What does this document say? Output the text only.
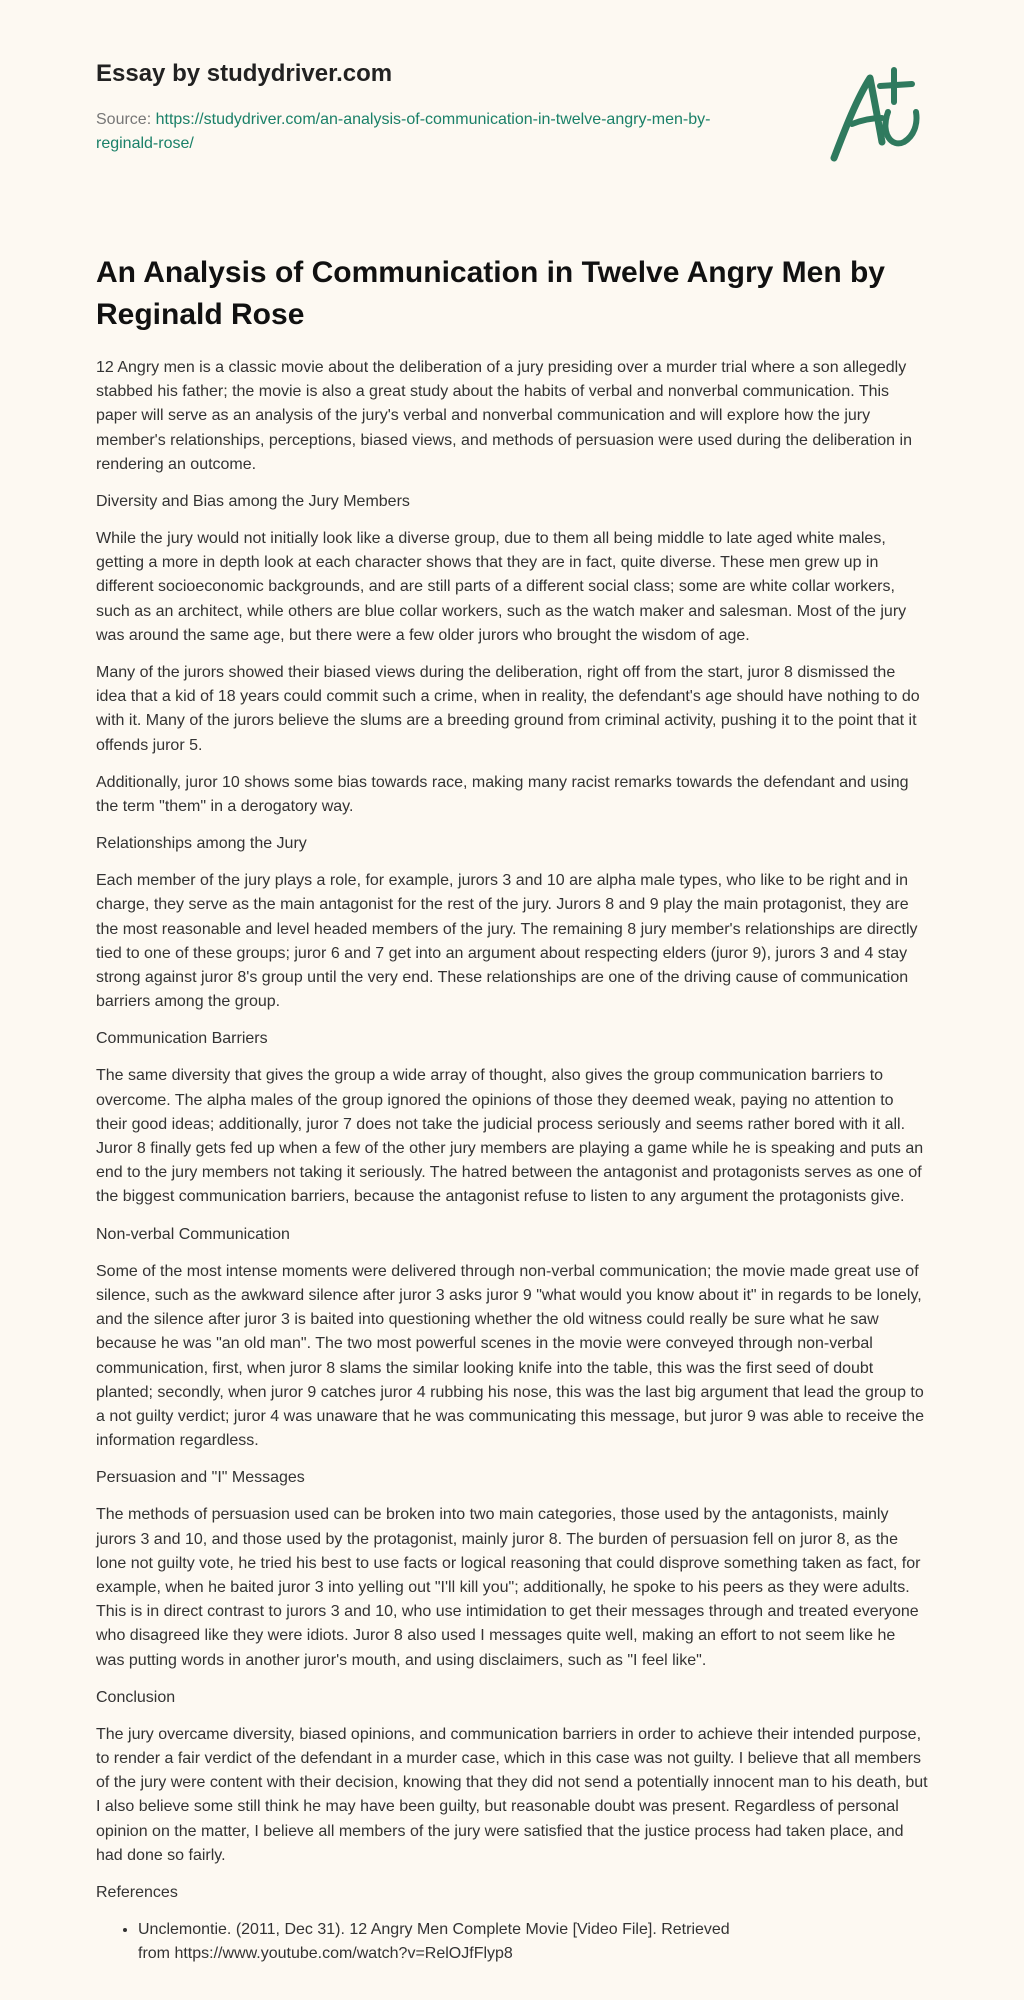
Essay by studydriver.com

Source: https://studydriver.com/an-analysis-of-communication-in-twelve-angry-men-by-reginald-rose/

An Analysis of Communication in Twelve Angry Men by Reginald Rose

12 Angry men is a classic movie about the deliberation of a jury presiding over a murder trial where a son allegedly stabbed his father; the movie is also a great study about the habits of verbal and nonverbal communication. This paper will serve as an analysis of the jury's verbal and nonverbal communication and will explore how the jury member's relationships, perceptions, biased views, and methods of persuasion were used during the deliberation in rendering an outcome.

Diversity and Bias among the Jury Members

While the jury would not initially look like a diverse group, due to them all being middle to late aged white males, getting a more in depth look at each character shows that they are in fact, quite diverse. These men grew up in different socioeconomic backgrounds, and are still parts of a different social class; some are white collar workers, such as an architect, while others are blue collar workers, such as the watch maker and salesman. Most of the jury was around the same age, but there were a few older jurors who brought the wisdom of age.

Many of the jurors showed their biased views during the deliberation, right off from the start, juror 8 dismissed the idea that a kid of 18 years could commit such a crime, when in reality, the defendant's age should have nothing to do with it. Many of the jurors believe the slums are a breeding ground from criminal activity, pushing it to the point that it offends juror 5.

Additionally, juror 10 shows some bias towards race, making many racist remarks towards the defendant and using the term "them" in a derogatory way.

Relationships among the Jury

Each member of the jury plays a role, for example, jurors 3 and 10 are alpha male types, who like to be right and in charge, they serve as the main antagonist for the rest of the jury. Jurors 8 and 9 play the main protagonist, they are the most reasonable and level headed members of the jury. The remaining 8 jury member's relationships are directly tied to one of these groups; juror 6 and 7 get into an argument about respecting elders (juror 9), jurors 3 and 4 stay strong against juror 8's group until the very end. These relationships are one of the driving cause of communication barriers among the group.

Communication Barriers

The same diversity that gives the group a wide array of thought, also gives the group communication barriers to overcome. The alpha males of the group ignored the opinions of those they deemed weak, paying no attention to their good ideas; additionally, juror 7 does not take the judicial process seriously and seems rather bored with it all. Juror 8 finally gets fed up when a few of the other jury members are playing a game while he is speaking and puts an end to the jury members not taking it seriously. The hatred between the antagonist and protagonists serves as one of the biggest communication barriers, because the antagonist refuse to listen to any argument the protagonists give.

Non-verbal Communication

Some of the most intense moments were delivered through non-verbal communication; the movie made great use of silence, such as the awkward silence after juror 3 asks juror 9 "what would you know about it" in regards to be lonely, and the silence after juror 3 is baited into questioning whether the old witness could really be sure what he saw because he was "an old man". The two most powerful scenes in the movie were conveyed through non-verbal communication, first, when juror 8 slams the similar looking knife into the table, this was the first seed of doubt planted; secondly, when juror 9 catches juror 4 rubbing his nose, this was the last big argument that lead the group to a not guilty verdict; juror 4 was unaware that he was communicating this message, but juror 9 was able to receive the information regardless.

Persuasion and "I" Messages

The methods of persuasion used can be broken into two main categories, those used by the antagonists, mainly jurors 3 and 10, and those used by the protagonist, mainly juror 8. The burden of persuasion fell on juror 8, as the lone not guilty vote, he tried his best to use facts or logical reasoning that could disprove something taken as fact, for example, when he baited juror 3 into yelling out "I'll kill you"; additionally, he spoke to his peers as they were adults. This is in direct contrast to jurors 3 and 10, who use intimidation to get their messages through and treated everyone who disagreed like they were idiots. Juror 8 also used I messages quite well, making an effort to not seem like he was putting words in another juror's mouth, and using disclaimers, such as "I feel like".

Conclusion

The jury overcame diversity, biased opinions, and communication barriers in order to achieve their intended purpose, to render a fair verdict of the defendant in a murder case, which in this case was not guilty. I believe that all members of the jury were content with their decision, knowing that they did not send a potentially innocent man to his death, but I also believe some still think he may have been guilty, but reasonable doubt was present. Regardless of personal opinion on the matter, I believe all members of the jury were satisfied that the justice process had taken place, and had done so fairly.

References
• Unclemontie. (2011, Dec 31). 12 Angry Men Complete Movie [Video File]. Retrieved from https://www.youtube.com/watch?v=RelOJfFlyp8
